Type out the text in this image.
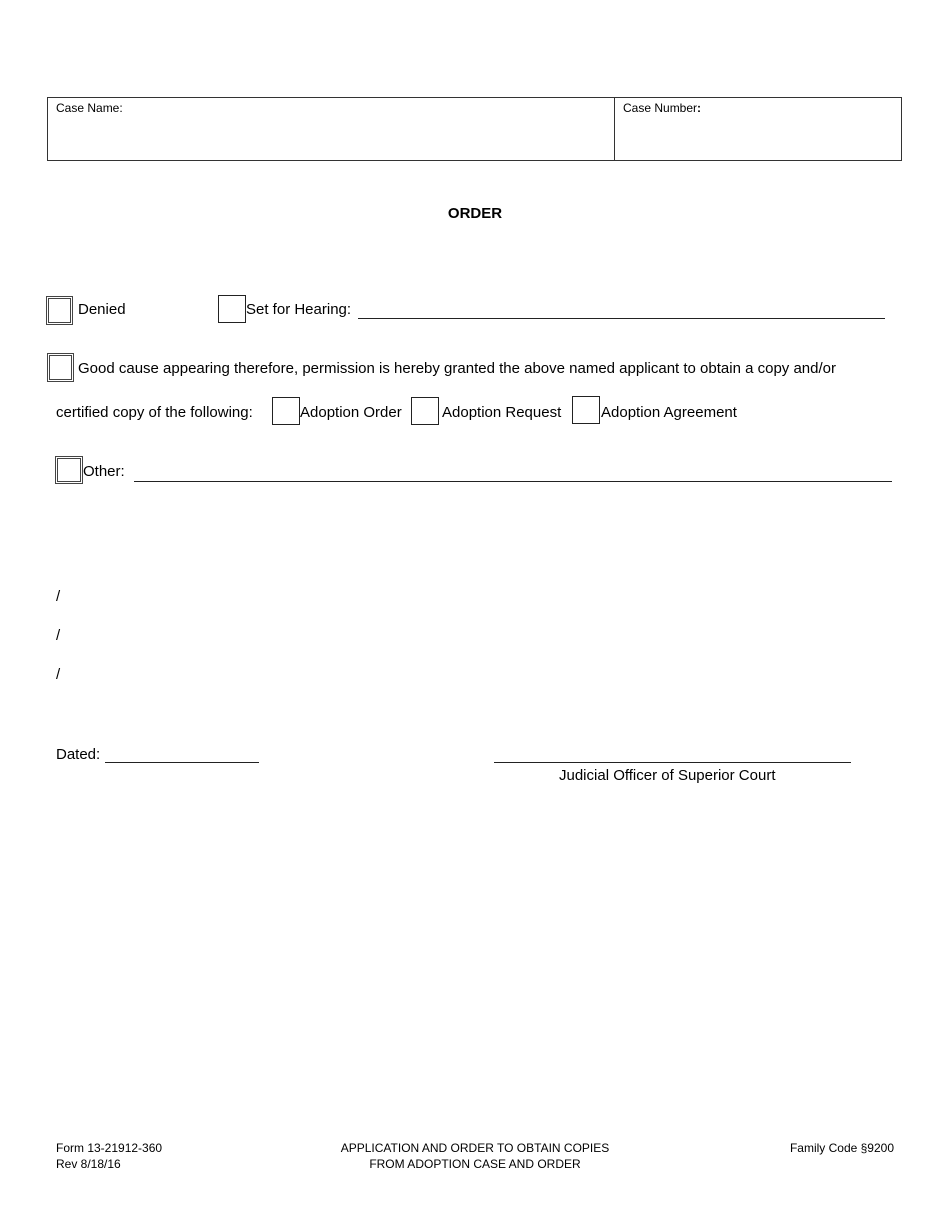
Case Name:	Case Number:
ORDER
Denied	Set for Hearing:
Good cause appearing therefore, permission is hereby granted the above named applicant to obtain a copy and/or
certified copy of the following:	Adoption Order	Adoption Request	Adoption Agreement
Other:
/
/
/
Dated:
Judicial Officer of Superior Court
Form 13-21912-360
Rev 8/18/16
APPLICATION AND ORDER TO OBTAIN COPIES
FROM ADOPTION CASE AND ORDER
Family Code §9200
